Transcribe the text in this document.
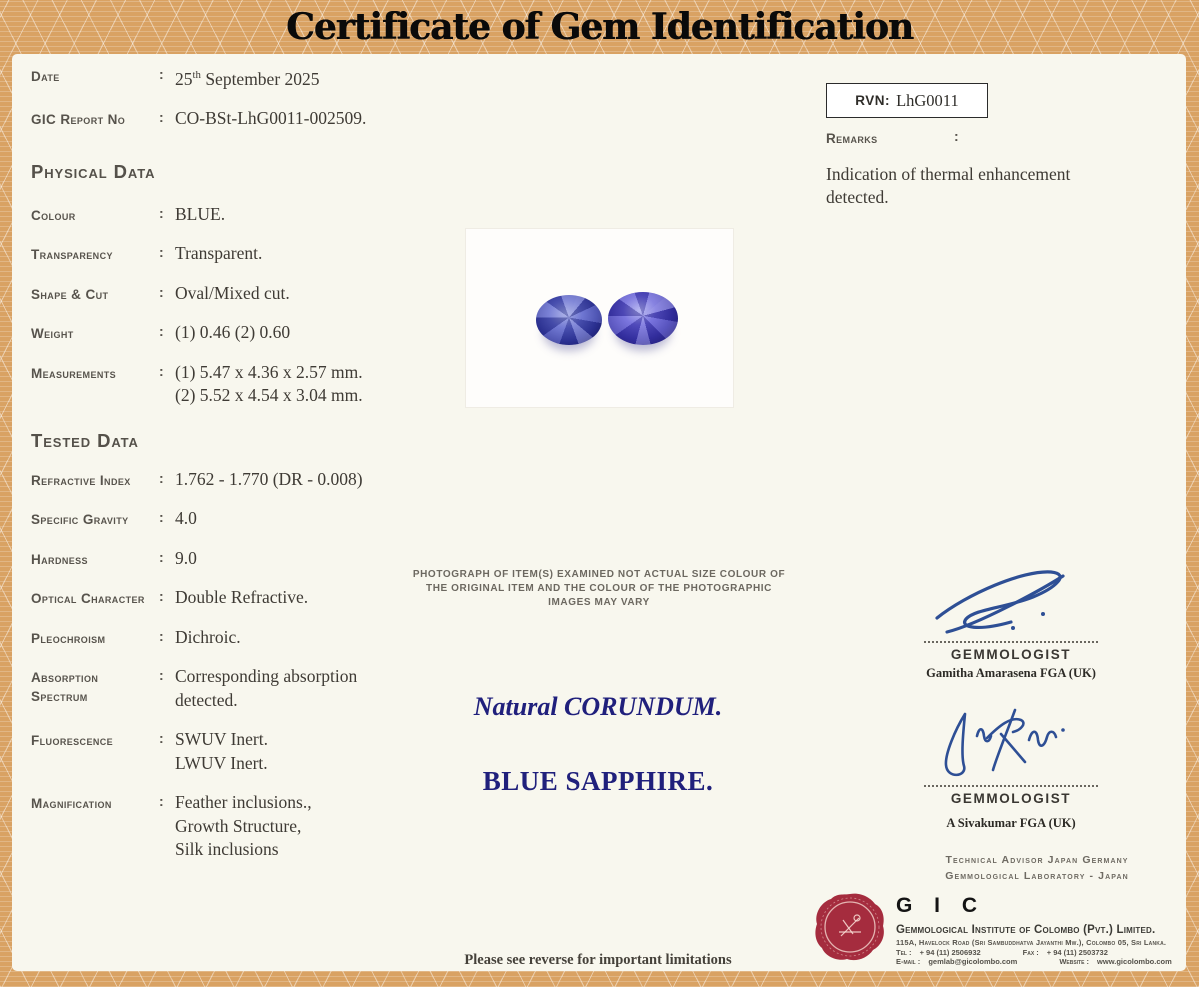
Certificate of Gem Identification
Date	: 25th September 2025
GIC Report No	: CO-BSt-LhG0011-002509.
Physical Data
Colour	: BLUE.
Transparency	: Transparent.
Shape & Cut	: Oval/Mixed cut.
Weight	: (1) 0.46 (2) 0.60
Measurements	: (1) 5.47 x 4.36 x 2.57 mm.
(2) 5.52 x 4.54 x 3.04 mm.
Tested Data
Refractive Index	: 1.762 - 1.770 (DR - 0.008)
Specific Gravity	: 4.0
Hardness	: 9.0
Optical Character	: Double Refractive.
Pleochroism	: Dichroic.
Absorption Spectrum
: Corresponding absorption
detected.
Fluorescence	: SWUV Inert.
LWUV Inert.
Magnification	: Feather inclusions.,
Growth Structure,
Silk inclusions
RVN: LhG0011
Remarks	:
Indication of thermal enhancement detected.
PHOTOGRAPH OF ITEM(S) EXAMINED NOT ACTUAL SIZE COLOUR OF THE ORIGINAL ITEM AND THE COLOUR OF THE PHOTOGRAPHIC IMAGES MAY VARY
Natural CORUNDUM.
BLUE SAPPHIRE.
Please see reverse for important limitations
GEMMOLOGIST
Gamitha Amarasena FGA (UK)
GEMMOLOGIST
A Sivakumar FGA (UK)
Technical Advisor Japan Germany
Gemmological Laboratory - Japan
G I C
Gemmological Institute of Colombo (Pvt.) Limited.
115A, Havelock Road (Sri Sambuddhatva Jayanthi Mw.), Colombo 05, Sri Lanka.
Tel : + 94 (11) 2506932	Fax : + 94 (11) 2503732
E-mail : gemlab@gicolombo.com	Website : www.gicolombo.com
